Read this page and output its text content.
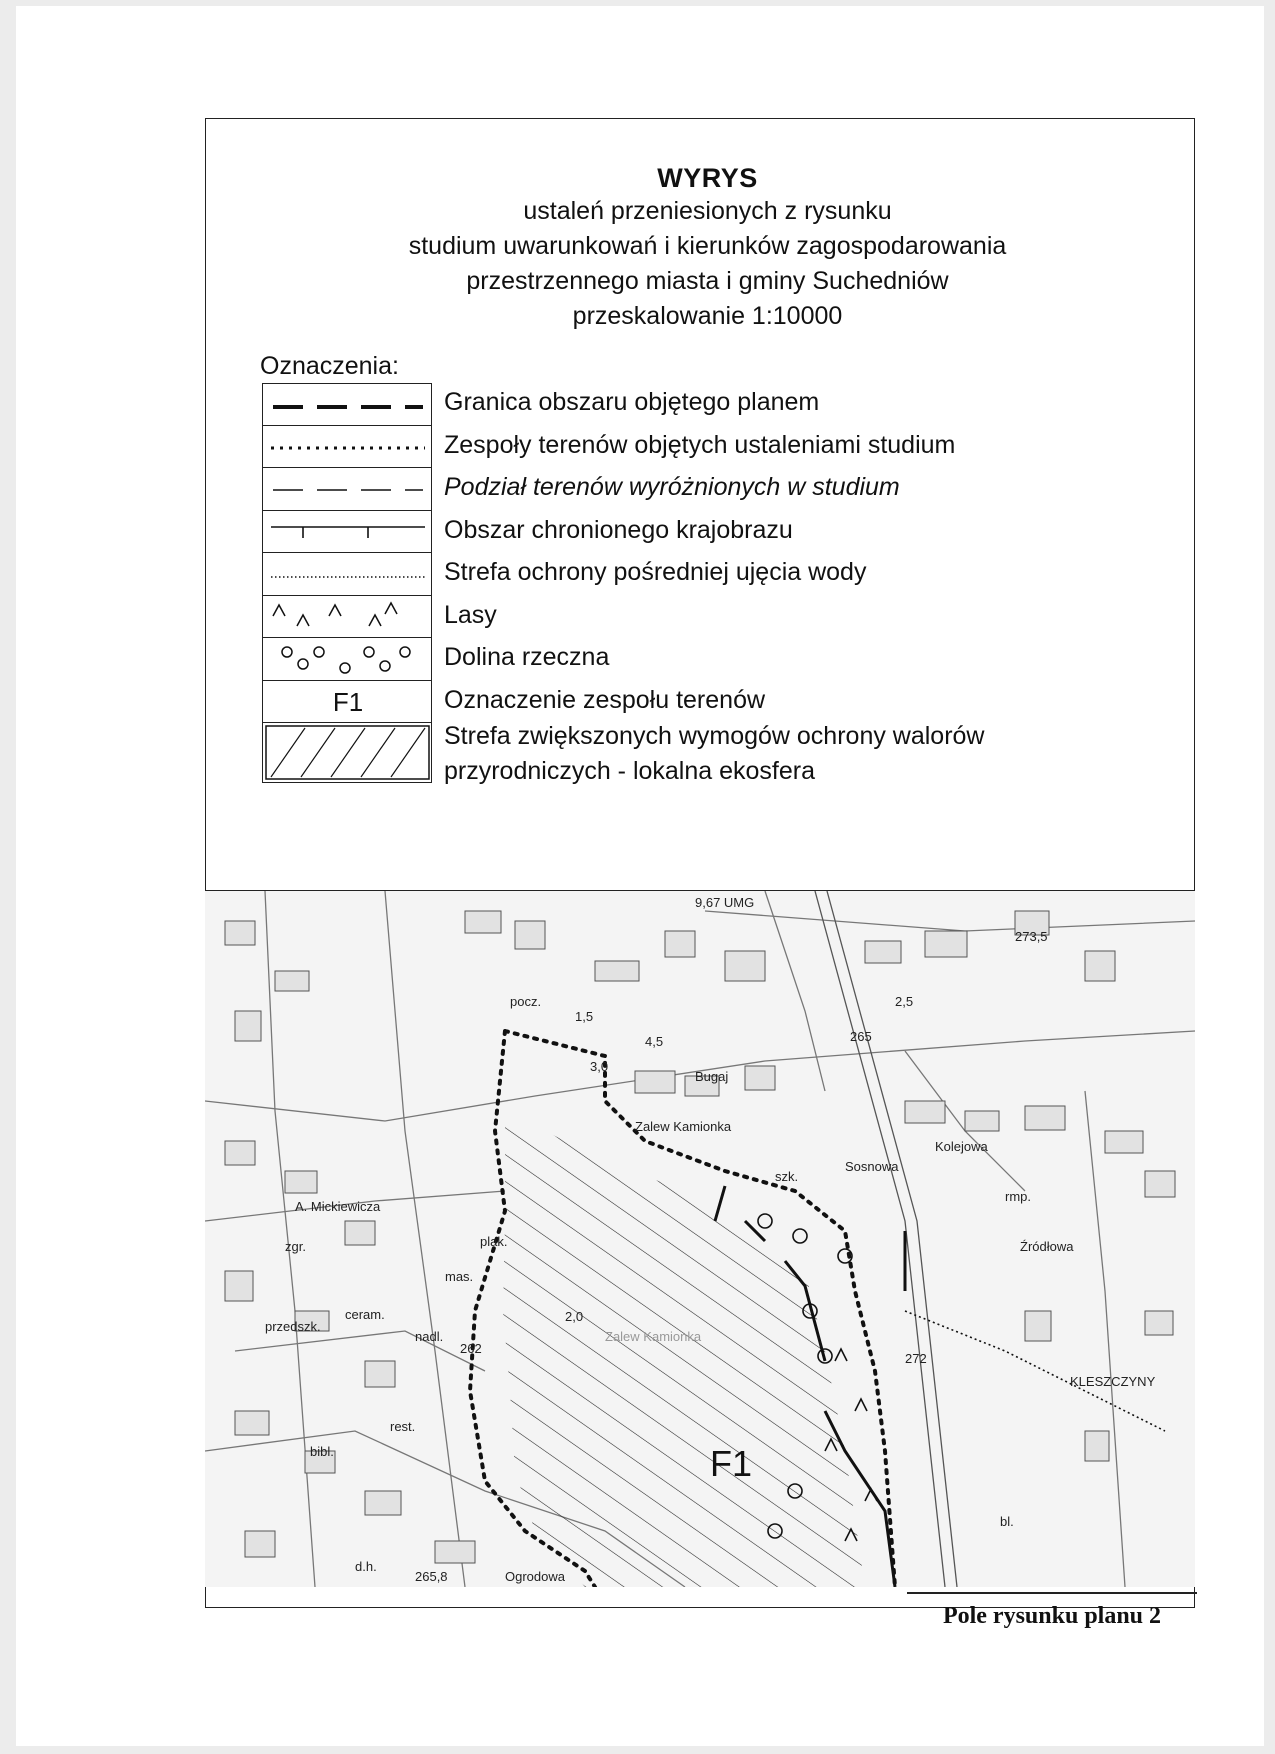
WYRYS
ustaleń przeniesionych z rysunku
studium uwarunkowań i kierunków zagospodarowania
przestrzennego miasta i gminy Suchedniów
przeskalowanie 1:10000
Oznaczenia:
Granica obszaru objętego planem
Zespoły terenów objętych ustaleniami studium
Podział terenów wyróżnionych w studium
Obszar chronionego krajobrazu
Strefa ochrony pośredniej ujęcia wody
Lasy
Dolina rzeczna
F1	Oznaczenie zespołu terenów
Strefa zwiększonych wymogów ochrony walorów
przyrodniczych - lokalna ekosfera
9,67 UMG
Zalew Kamionka
Zalew Kamionka
KLESZCZYNY
A. Mickiewicza
Bugaj
Ogrodowa
Źródłowa
Sosnowa
Kolejowa
przedszk.
ceram.
rest.
bibl.
szk.
mas.
plak.
zgr.
nadl.
d.h.
bl.
rmp.
pocz.
273,5
265,8
265
262
2,0
2,5
3,0
4,5
1,5
272
F1
Pole rysunku planu 2
